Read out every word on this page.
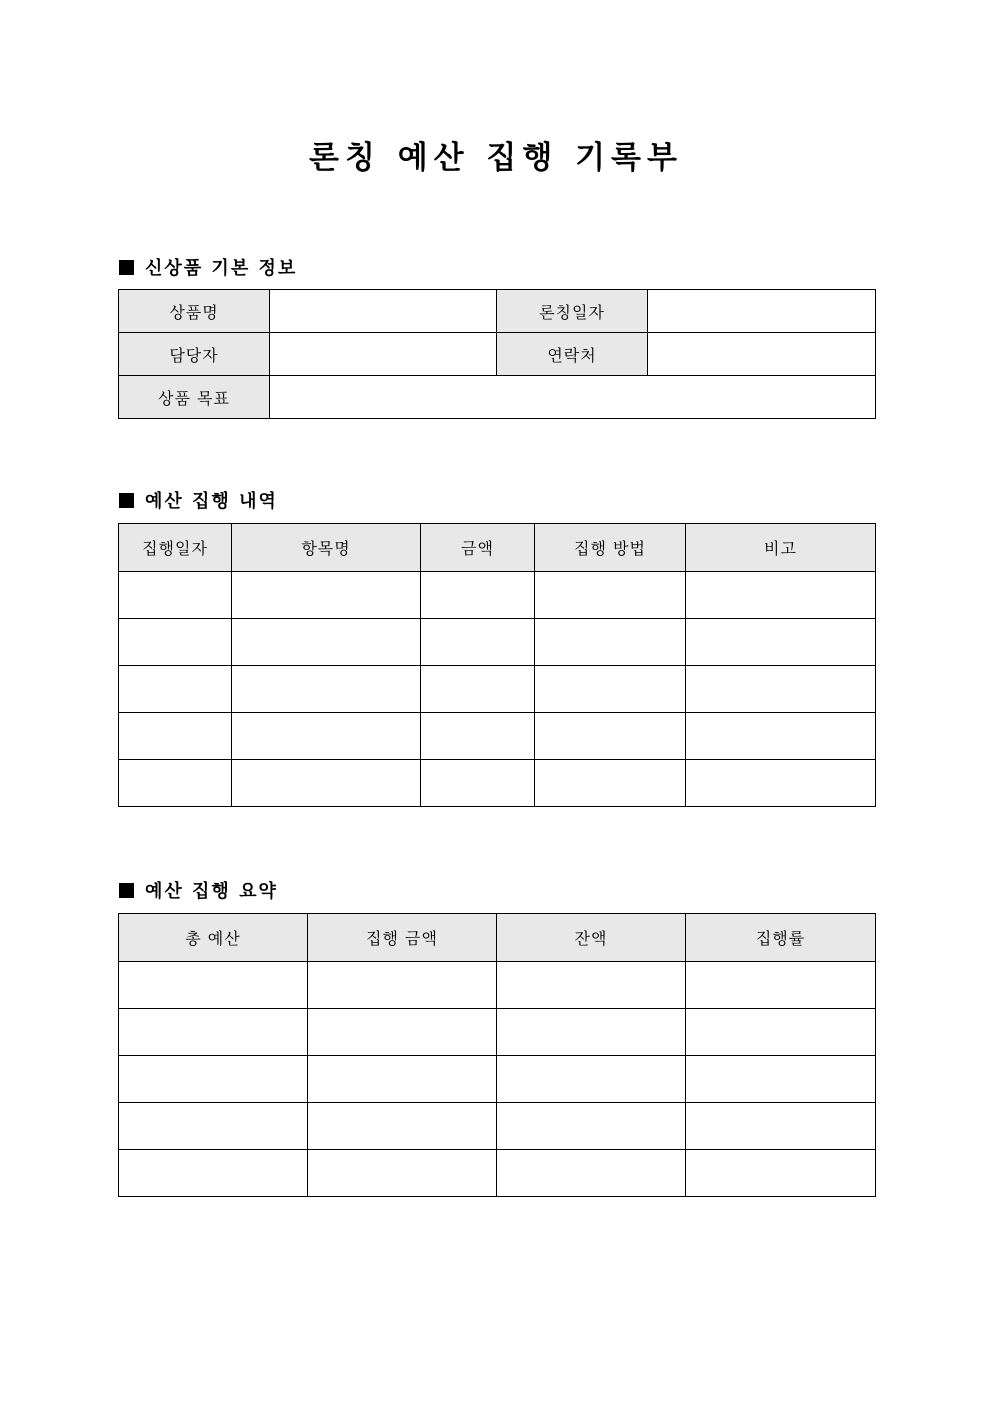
론칭 예산 집행 기록부
신상품 기본 정보
상품명		론칭일자	
담당자		연락처	
상품 목표			
예산 집행 내역
집행일자	항목명	금액	집행 방법	비고

예산 집행 요약
총 예산	집행 금액	잔액	집행률
